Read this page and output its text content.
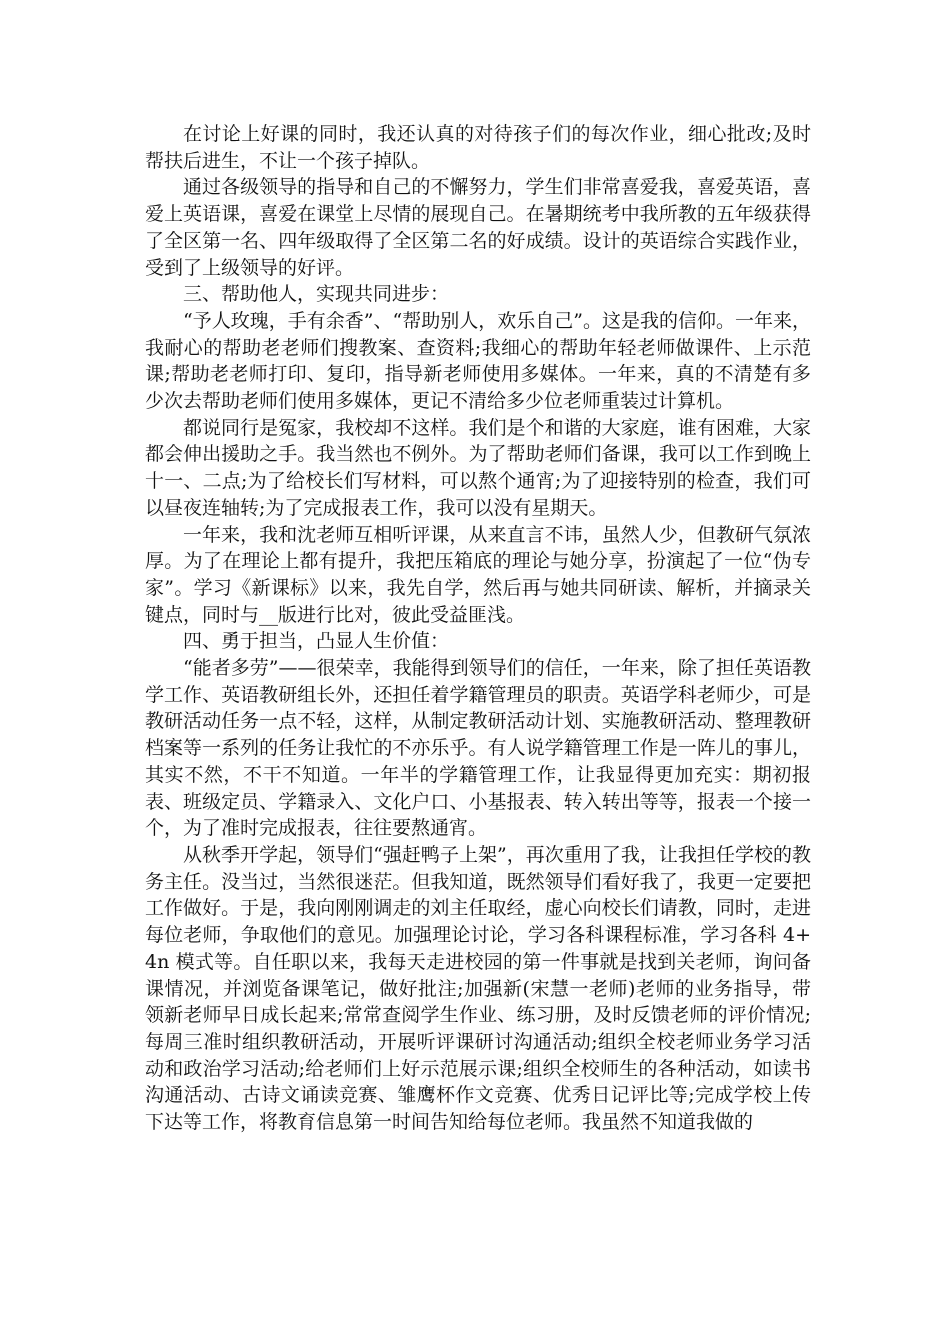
在讨论上好课的同时，我还认真的对待孩子们的每次作业，细心批改;及时帮扶后进生，不让一个孩子掉队。

通过各级领导的指导和自己的不懈努力，学生们非常喜爱我，喜爱英语，喜爱上英语课，喜爱在课堂上尽情的展现自己。在暑期统考中我所教的五年级获得了全区第一名、四年级取得了全区第二名的好成绩。设计的英语综合实践作业，受到了上级领导的好评。

三、帮助他人，实现共同进步：

“予人玫瑰，手有余香”、“帮助别人，欢乐自己”。这是我的信仰。一年来，我耐心的帮助老老师们搜教案、查资料;我细心的帮助年轻老师做课件、上示范课;帮助老老师打印、复印，指导新老师使用多媒体。一年来，真的不清楚有多少次去帮助老师们使用多媒体，更记不清给多少位老师重装过计算机。

都说同行是冤家，我校却不这样。我们是个和谐的大家庭，谁有困难，大家都会伸出援助之手。我当然也不例外。为了帮助老师们备课，我可以工作到晚上十一、二点;为了给校长们写材料，可以熬个通宵;为了迎接特别的检查，我们可以昼夜连轴转;为了完成报表工作，我可以没有星期天。

一年来，我和沈老师互相听评课，从来直言不讳，虽然人少，但教研气氛浓厚。为了在理论上都有提升，我把压箱底的理论与她分享，扮演起了一位“伪专家”。学习《新课标》以来，我先自学，然后再与她共同研读、解析，并摘录关键点，同时与__版进行比对，彼此受益匪浅。

四、勇于担当，凸显人生价值：

“能者多劳”——很荣幸，我能得到领导们的信任，一年来，除了担任英语教学工作、英语教研组长外，还担任着学籍管理员的职责。英语学科老师少，可是教研活动任务一点不轻，这样，从制定教研活动计划、实施教研活动、整理教研档案等一系列的任务让我忙的不亦乐乎。有人说学籍管理工作是一阵儿的事儿，其实不然，不干不知道。一年半的学籍管理工作，让我显得更加充实：期初报表、班级定员、学籍录入、文化户口、小基报表、转入转出等等，报表一个接一个，为了准时完成报表，往往要熬通宵。

从秋季开学起，领导们“强赶鸭子上架”，再次重用了我，让我担任学校的教务主任。没当过，当然很迷茫。但我知道，既然领导们看好我了，我更一定要把工作做好。于是，我向刚刚调走的刘主任取经，虚心向校长们请教，同时，走进每位老师，争取他们的意见。加强理论讨论，学习各科课程标准，学习各科 4+4n 模式等。自任职以来，我每天走进校园的第一件事就是找到关老师，询问备课情况，并浏览备课笔记，做好批注;加强新(宋慧一老师)老师的业务指导，带领新老师早日成长起来;常常查阅学生作业、练习册，及时反馈老师的评价情况;每周三准时组织教研活动，开展听评课研讨沟通活动;组织全校老师业务学习活动和政治学习活动;给老师们上好示范展示课;组织全校师生的各种活动，如读书沟通活动、古诗文诵读竞赛、雏鹰杯作文竞赛、优秀日记评比等;完成学校上传下达等工作，将教育信息第一时间告知给每位老师。我虽然不知道我做的
